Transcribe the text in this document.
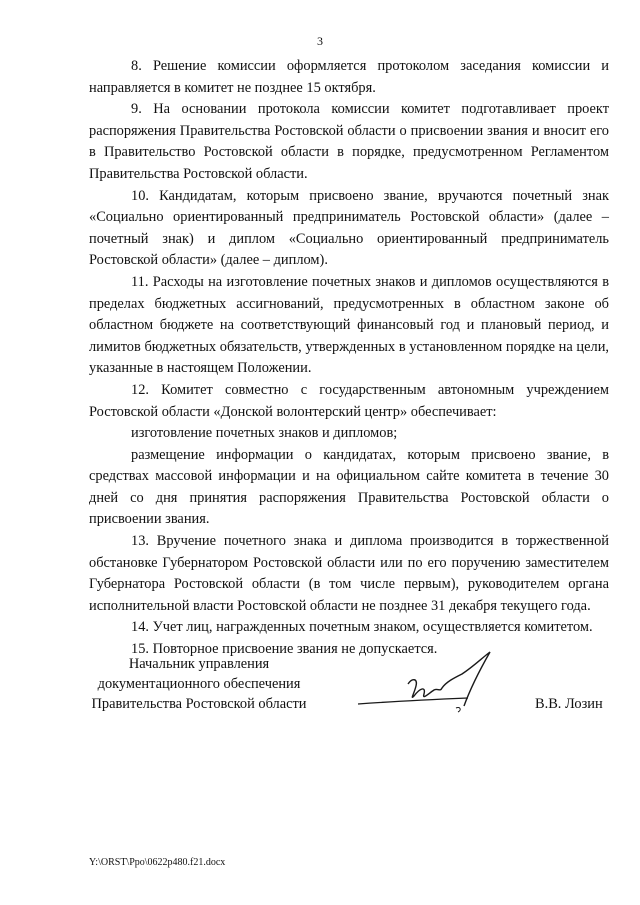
3

8. Решение комиссии оформляется протоколом заседания комиссии и направляется в комитет не позднее 15 октября.

9. На основании протокола комиссии комитет подготавливает проект распоряжения Правительства Ростовской области о присвоении звания и вносит его в Правительство Ростовской области в порядке, предусмотренном Регламентом Правительства Ростовской области.

10. Кандидатам, которым присвоено звание, вручаются почетный знак «Социально ориентированный предприниматель Ростовской области» (далее – почетный знак) и диплом «Социально ориентированный предприниматель Ростовской области» (далее – диплом).

11. Расходы на изготовление почетных знаков и дипломов осуществляются в пределах бюджетных ассигнований, предусмотренных в областном законе об областном бюджете на соответствующий финансовый год и плановый период, и лимитов бюджетных обязательств, утвержденных в установленном порядке на цели, указанные в настоящем Положении.

12. Комитет совместно с государственным автономным учреждением Ростовской области «Донской волонтерский центр» обеспечивает:

изготовление почетных знаков и дипломов;

размещение информации о кандидатах, которым присвоено звание, в средствах массовой информации и на официальном сайте комитета в течение 30 дней со дня принятия распоряжения Правительства Ростовской области о присвоении звания.

13. Вручение почетного знака и диплома производится в торжественной обстановке Губернатором Ростовской области или по его поручению заместителем Губернатора Ростовской области (в том числе первым), руководителем органа исполнительной власти Ростовской области не позднее 31 декабря текущего года.

14. Учет лиц, награжденных почетным знаком, осуществляется комитетом.

15. Повторное присвоение звания не допускается.

Начальник управления
документационного обеспечения
Правительства Ростовской области	В.В. Лозин
Y:\ORST\Ppo\0622p480.f21.docx
